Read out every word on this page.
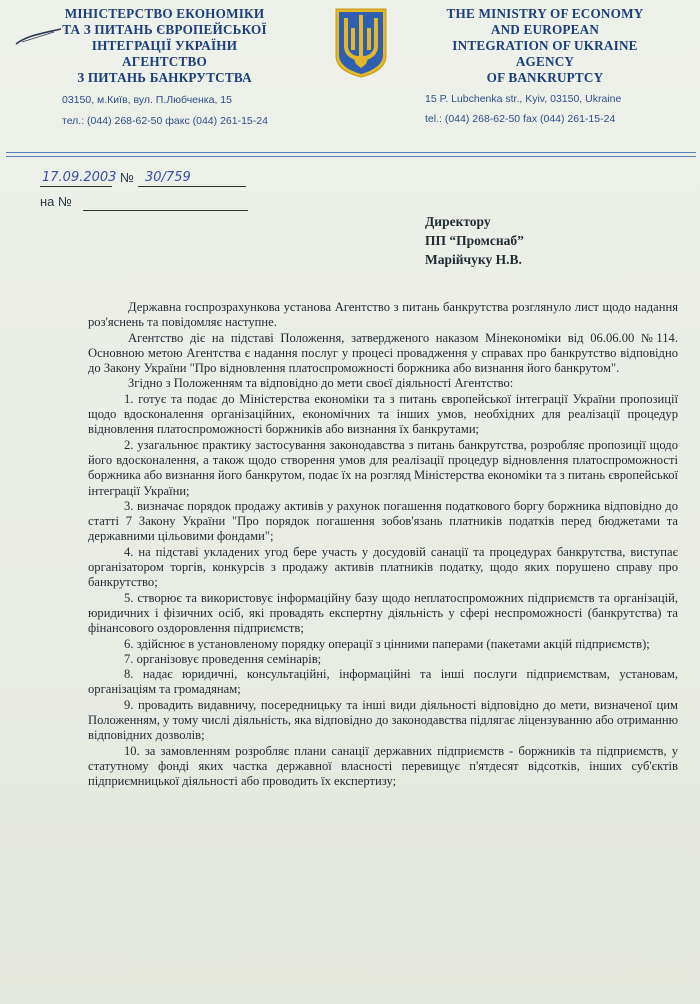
МІНІСТЕРСТВО ЕКОНОМІКИ
ТА З ПИТАНЬ ЄВРОПЕЙСЬКОЇ
ІНТЕГРАЦІЇ УКРАЇНИ
АГЕНТСТВО
З ПИТАНЬ БАНКРУТСТВА
03150, м.Київ, вул. П.Любченка, 15
тел.: (044) 268-62-50 факс (044) 261-15-24
THE MINISTRY OF ECONOMY
AND EUROPEAN
INTEGRATION OF UKRAINE
AGENCY
OF BANKRUPTCY
15 P. Lubchenka str., Kyiv, 03150, Ukraine
tel.: (044) 268-62-50 fax (044) 261-15-24
17.09.2003 № 30/759
на №
Директору
ПП “Промснаб”
Марійчуку Н.В.

Державна госпрозрахункова установа Агентство з питань банкрутства розглянуло лист щодо надання роз'яснень та повідомляє наступне.

Агентство діє на підставі Положення, затвердженого наказом Мінекономіки від 06.06.00 №114. Основною метою Агентства є надання послуг у процесі провадження у справах про банкрутство відповідно до Закону України "Про відновлення платоспроможності боржника або визнання його банкрутом".

Згідно з Положенням та відповідно до мети своєї діяльності Агентство:

1. готує та подає до Міністерства економіки та з питань європейської інтеграції України пропозиції щодо вдосконалення організаційних, економічних та інших умов, необхідних для реалізації процедур відновлення платоспроможності боржників або визнання їх банкрутами;

2. узагальнює практику застосування законодавства з питань банкрутства, розробляє пропозиції щодо його вдосконалення, а також щодо створення умов для реалізації процедур відновлення платоспроможності боржника або визнання його банкрутом, подає їх на розгляд Міністерства економіки та з питань європейської інтеграції України;

3. визначає порядок продажу активів у рахунок погашення податкового боргу боржника відповідно до статті 7 Закону України "Про порядок погашення зобов'язань платників податків перед бюджетами та державними цільовими фондами";

4. на підставі укладених угод бере участь у досудовій санації та процедурах банкрутства, виступає організатором торгів, конкурсів з продажу активів платників податку, щодо яких порушено справу про банкрутство;

5. створює та використовує інформаційну базу щодо неплатоспроможних підприємств та організацій, юридичних і фізичних осіб, які провадять експертну діяльність у сфері неспроможності (банкрутства) та фінансового оздоровлення підприємств;

6. здійснює в установленому порядку операції з цінними паперами (пакетами акцій підприємств);

7. організовує проведення семінарів;

8. надає юридичні, консультаційні, інформаційні та інші послуги підприємствам, установам, організаціям та громадянам;

9. провадить видавничу, посередницьку та інші види діяльності відповідно до мети, визначеної цим Положенням, у тому числі діяльність, яка відповідно до законодавства підлягає ліцензуванню або отриманню відповідних дозволів;

10. за замовленням розробляє плани санації державних підприємств - боржників та підприємств, у статутному фонді яких частка державної власності перевищує п'ятдесят відсотків, інших суб'єктів підприємницької діяльності або проводить їх експертизу;
